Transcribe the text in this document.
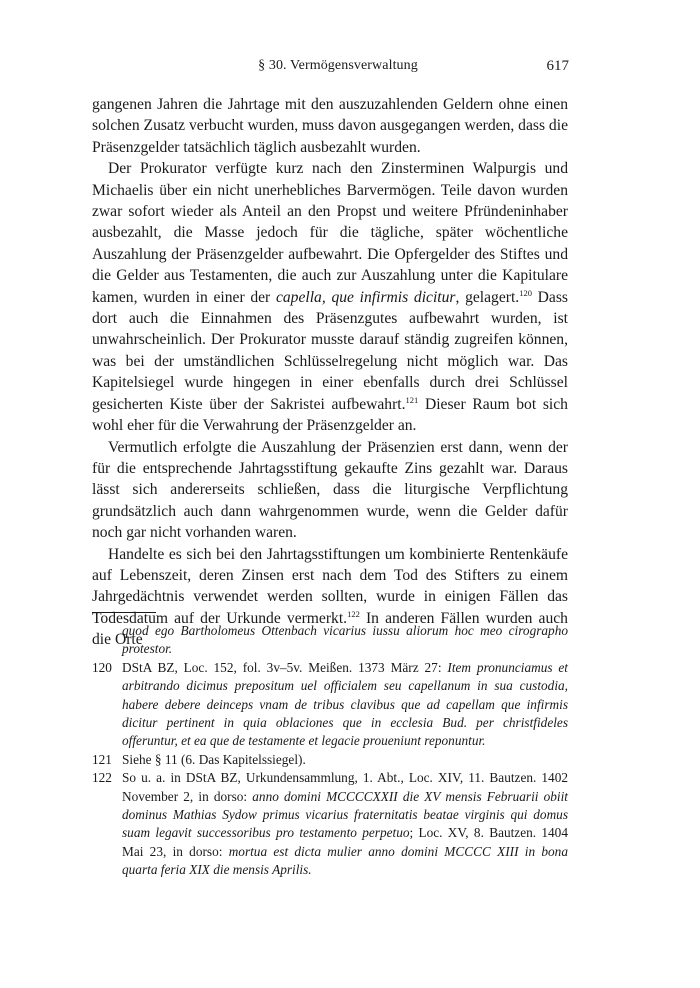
§ 30. Vermögensverwaltung	617

gangenen Jahren die Jahrtage mit den auszuzahlenden Geldern ohne einen solchen Zusatz verbucht wurden, muss davon ausgegangen werden, dass die Präsenzgelder tatsächlich täglich ausbezahlt wurden.

Der Prokurator verfügte kurz nach den Zinsterminen Walpurgis und Michaelis über ein nicht unerhebliches Barvermögen. Teile davon wurden zwar sofort wieder als Anteil an den Propst und weitere Pfründeninhaber ausbezahlt, die Masse jedoch für die tägliche, später wöchentliche Auszahlung der Präsenzgelder aufbewahrt. Die Opfergelder des Stiftes und die Gelder aus Testamenten, die auch zur Auszahlung unter die Kapitulare kamen, wurden in einer der capella, que infirmis dicitur, gelagert.$^{120}$ Dass dort auch die Einnahmen des Präsenzgutes aufbewahrt wurden, ist unwahrscheinlich. Der Prokurator musste darauf ständig zugreifen können, was bei der umständlichen Schlüsselregelung nicht möglich war. Das Kapitelsiegel wurde hingegen in einer ebenfalls durch drei Schlüssel gesicherten Kiste über der Sakristei aufbewahrt.$^{121}$ Dieser Raum bot sich wohl eher für die Verwahrung der Präsenzgelder an.

Vermutlich erfolgte die Auszahlung der Präsenzien erst dann, wenn der für die entsprechende Jahrtagsstiftung gekaufte Zins gezahlt war. Daraus lässt sich andererseits schließen, dass die liturgische Verpflichtung grundsätzlich auch dann wahrgenommen wurde, wenn die Gelder dafür noch gar nicht vorhanden waren.

Handelte es sich bei den Jahrtagsstiftungen um kombinierte Rentenkäufe auf Lebenszeit, deren Zinsen erst nach dem Tod des Stifters zu einem Jahrgedächtnis verwendet werden sollten, wurde in einigen Fällen das Todesdatum auf der Urkunde vermerkt.$^{122}$ In anderen Fällen wurden auch die Orte

quod ego Bartholomeus Ottenbach vicarius iussu aliorum hoc meo cirographo protestor.
120 DStA BZ, Loc. 152, fol. 3v–5v. Meißen. 1373 März 27: Item pronunciamus et arbitrando dicimus prepositum uel officialem seu capellanum in sua custodia, habere debere deinceps vnam de tribus clavibus que ad capellam que infirmis dicitur pertinent in quia oblaciones que in ecclesia Bud. per christfideles offeruntur, et ea que de testamente et legacie proueniunt reponuntur.
121 Siehe § 11 (6. Das Kapitelssiegel).
122 So u. a. in DStA BZ, Urkundensammlung, 1. Abt., Loc. XIV, 11. Bautzen. 1402 November 2, in dorso: anno domini MCCCCXXII die XV mensis Februarii obiit dominus Mathias Sydow primus vicarius fraternitatis beatae virginis qui domus suam legavit successoribus pro testamento perpetuo; Loc. XV, 8. Bautzen. 1404 Mai 23, in dorso: mortua est dicta mulier anno domini MCCCC XIII in bona quarta feria XIX die mensis Aprilis.
